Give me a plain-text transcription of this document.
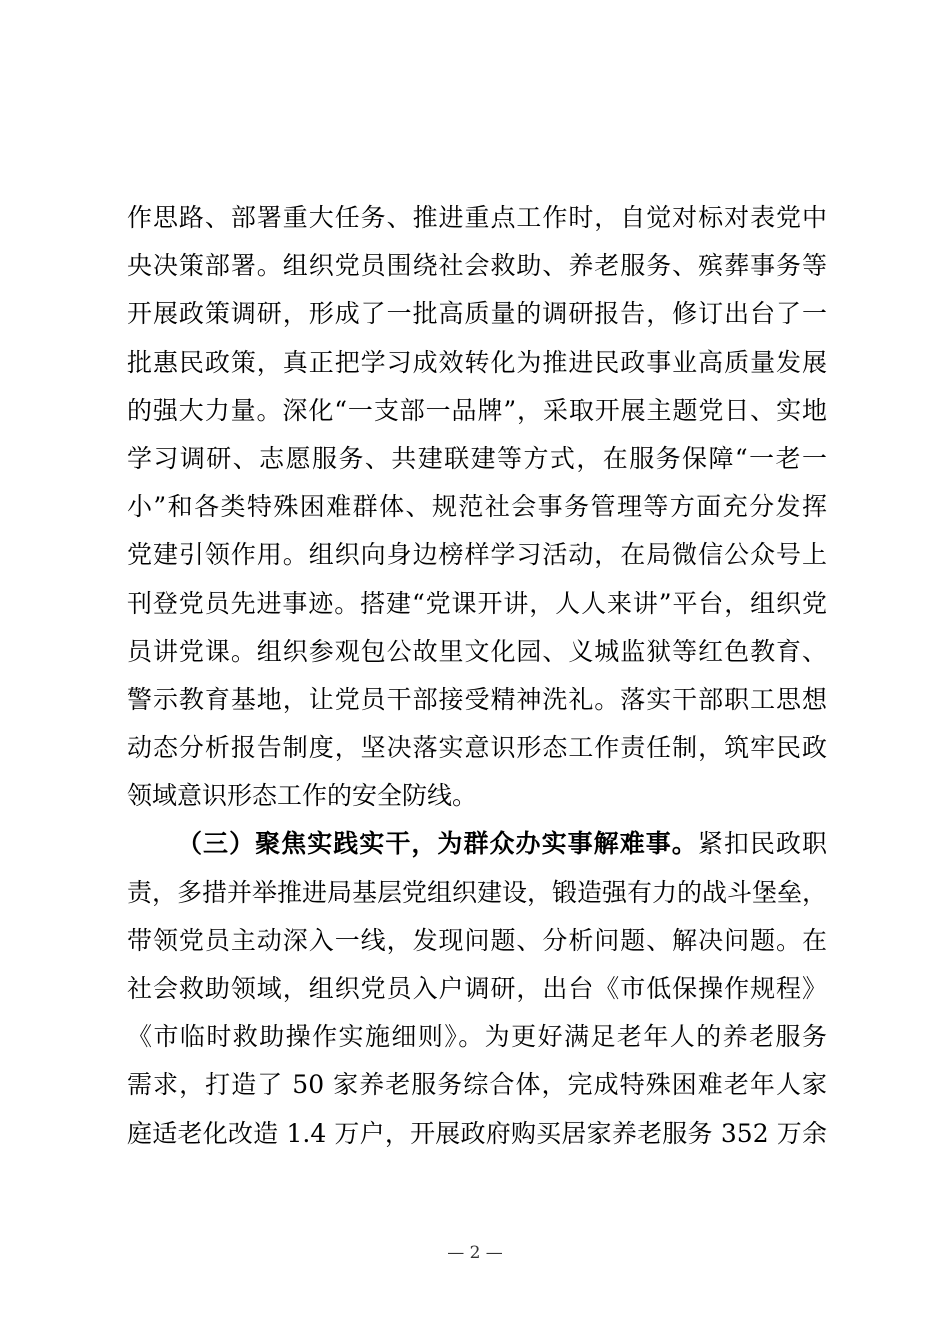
作思路、部署重大任务、推进重点工作时，自觉对标对表党中
央决策部署。组织党员围绕社会救助、养老服务、殡葬事务等
开展政策调研，形成了一批高质量的调研报告，修订出台了一
批惠民政策，真正把学习成效转化为推进民政事业高质量发展
的强大力量。深化“一支部一品牌”，采取开展主题党日、实地
学习调研、志愿服务、共建联建等方式，在服务保障“一老一
小”和各类特殊困难群体、规范社会事务管理等方面充分发挥
党建引领作用。组织向身边榜样学习活动，在局微信公众号上
刊登党员先进事迹。搭建“党课开讲，人人来讲”平台，组织党
员讲党课。组织参观包公故里文化园、义城监狱等红色教育、
警示教育基地，让党员干部接受精神洗礼。落实干部职工思想
动态分析报告制度，坚决落实意识形态工作责任制，筑牢民政
领域意识形态工作的安全防线。
（三）聚焦实践实干，为群众办实事解难事。紧扣民政职
责，多措并举推进局基层党组织建设，锻造强有力的战斗堡垒，
带领党员主动深入一线，发现问题、分析问题、解决问题。在
社会救助领域，组织党员入户调研，出台《市低保操作规程》
《市临时救助操作实施细则》。为更好满足老年人的养老服务
需求，打造了 50 家养老服务综合体，完成特殊困难老年人家
庭适老化改造 1.4 万户，开展政府购买居家养老服务 352 万余
— 2 —
